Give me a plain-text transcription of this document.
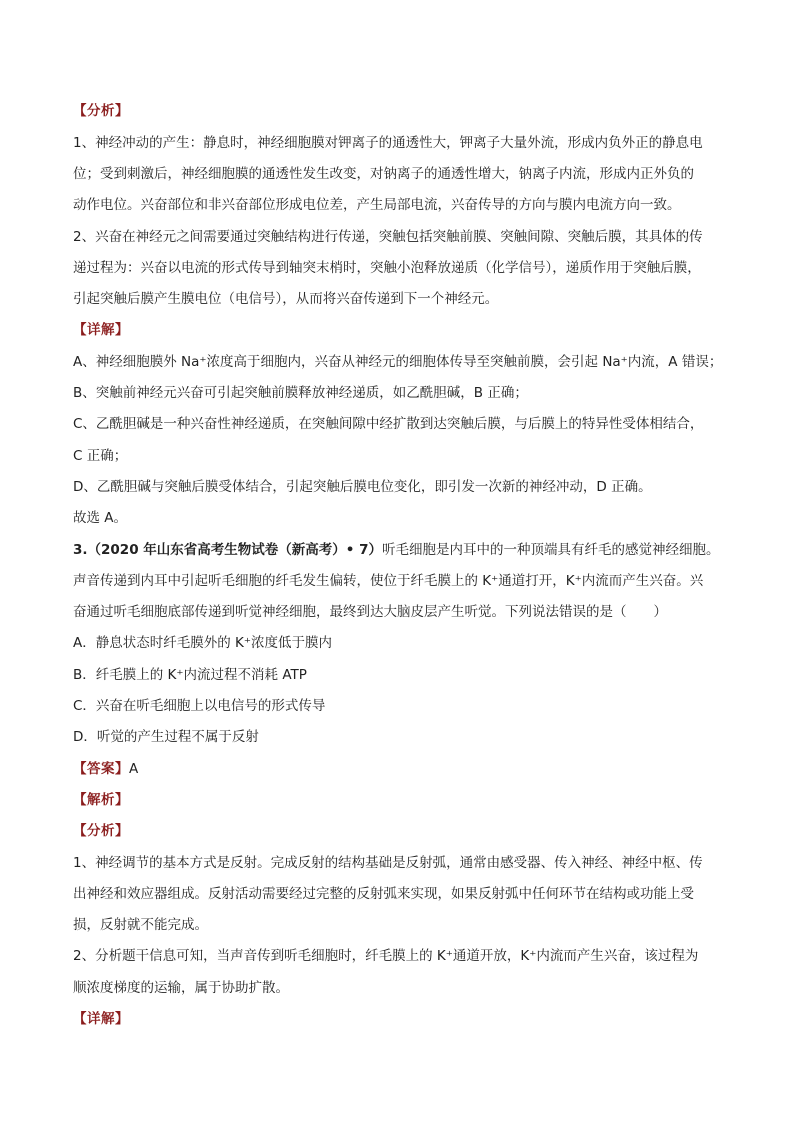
【分析】
1、神经冲动的产生：静息时，神经细胞膜对钾离子的通透性大，钾离子大量外流，形成内负外正的静息电
位；受到刺激后，神经细胞膜的通透性发生改变，对钠离子的通透性增大，钠离子内流，形成内正外负的
动作电位。兴奋部位和非兴奋部位形成电位差，产生局部电流，兴奋传导的方向与膜内电流方向一致。
2、兴奋在神经元之间需要通过突触结构进行传递，突触包括突触前膜、突触间隙、突触后膜，其具体的传
递过程为：兴奋以电流的形式传导到轴突末梢时，突触小泡释放递质（化学信号），递质作用于突触后膜，
引起突触后膜产生膜电位（电信号），从而将兴奋传递到下一个神经元。
【详解】
A、神经细胞膜外 Na⁺浓度高于细胞内，兴奋从神经元的细胞体传导至突触前膜，会引起 Na⁺内流，A 错误；
B、突触前神经元兴奋可引起突触前膜释放神经递质，如乙酰胆碱，B 正确；
C、乙酰胆碱是一种兴奋性神经递质，在突触间隙中经扩散到达突触后膜，与后膜上的特异性受体相结合，
C 正确；
D、乙酰胆碱与突触后膜受体结合，引起突触后膜电位变化，即引发一次新的神经冲动，D 正确。
故选 A。
3.（2020 年山东省高考生物试卷（新高考）• 7）听毛细胞是内耳中的一种顶端具有纤毛的感觉神经细胞。
声音传递到内耳中引起听毛细胞的纤毛发生偏转，使位于纤毛膜上的 K⁺通道打开，K⁺内流而产生兴奋。兴
奋通过听毛细胞底部传递到听觉神经细胞，最终到达大脑皮层产生听觉。下列说法错误的是（　　）
A．静息状态时纤毛膜外的 K⁺浓度低于膜内
B．纤毛膜上的 K⁺内流过程不消耗 ATP
C．兴奋在听毛细胞上以电信号的形式传导
D．听觉的产生过程不属于反射
【答案】A
【解析】
【分析】
1、神经调节的基本方式是反射。完成反射的结构基础是反射弧，通常由感受器、传入神经、神经中枢、传
出神经和效应器组成。反射活动需要经过完整的反射弧来实现，如果反射弧中任何环节在结构或功能上受
损，反射就不能完成。
2、分析题干信息可知，当声音传到听毛细胞时，纤毛膜上的 K⁺通道开放，K⁺内流而产生兴奋，该过程为
顺浓度梯度的运输，属于协助扩散。
【详解】
